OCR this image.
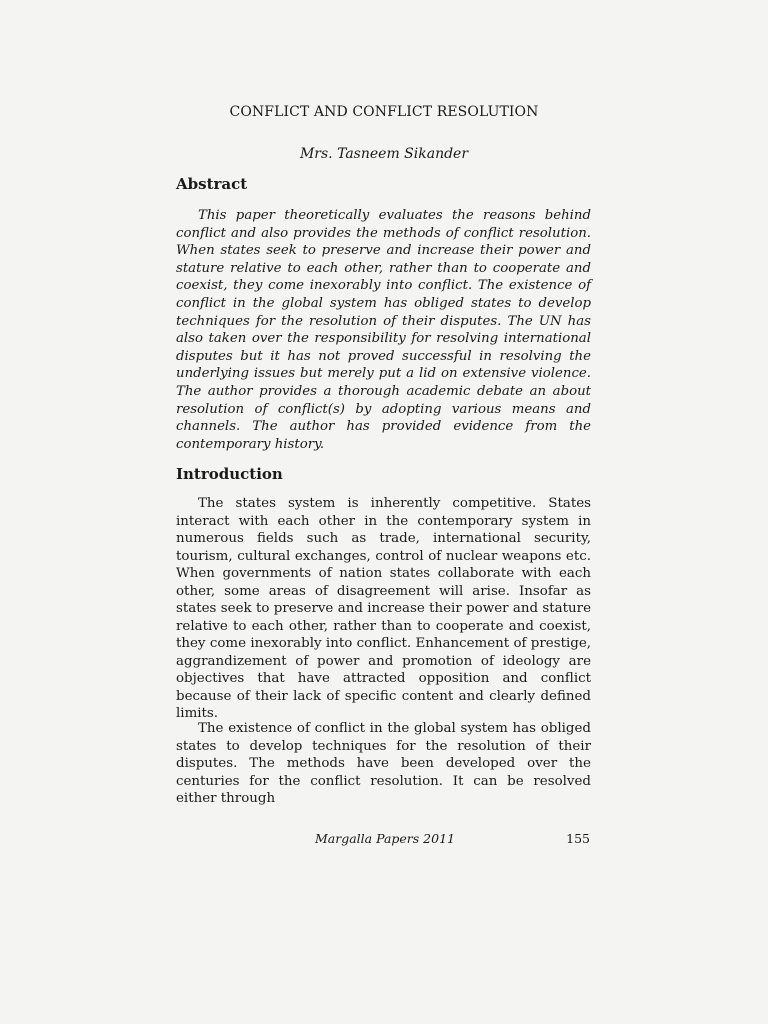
CONFLICT AND CONFLICT RESOLUTION
Mrs. Tasneem Sikander
Abstract

This paper theoretically evaluates the reasons behind conflict and also provides the methods of conflict resolution. When states seek to preserve and increase their power and stature relative to each other, rather than to cooperate and coexist, they come inexorably into conflict. The existence of conflict in the global system has obliged states to develop techniques for the resolution of their disputes. The UN has also taken over the responsibility for resolving international disputes but it has not proved successful in resolving the underlying issues but merely put a lid on extensive violence. The author provides a thorough academic debate an about resolution of conflict(s) by adopting various means and channels. The author has provided evidence from the contemporary history.

Introduction

The states system is inherently competitive. States interact with each other in the contemporary system in numerous fields such as trade, international security, tourism, cultural exchanges, control of nuclear weapons etc. When governments of nation states collaborate with each other, some areas of disagreement will arise. Insofar as states seek to preserve and increase their power and stature relative to each other, rather than to cooperate and coexist, they come inexorably into conflict. Enhancement of prestige, aggrandizement of power and promotion of ideology are objectives that have attracted opposition and conflict because of their lack of specific content and clearly defined limits.

The existence of conflict in the global system has obliged states to develop techniques for the resolution of their disputes. The methods have been developed over the centuries for the conflict resolution. It can be resolved either through

Margalla Papers 2011	155
